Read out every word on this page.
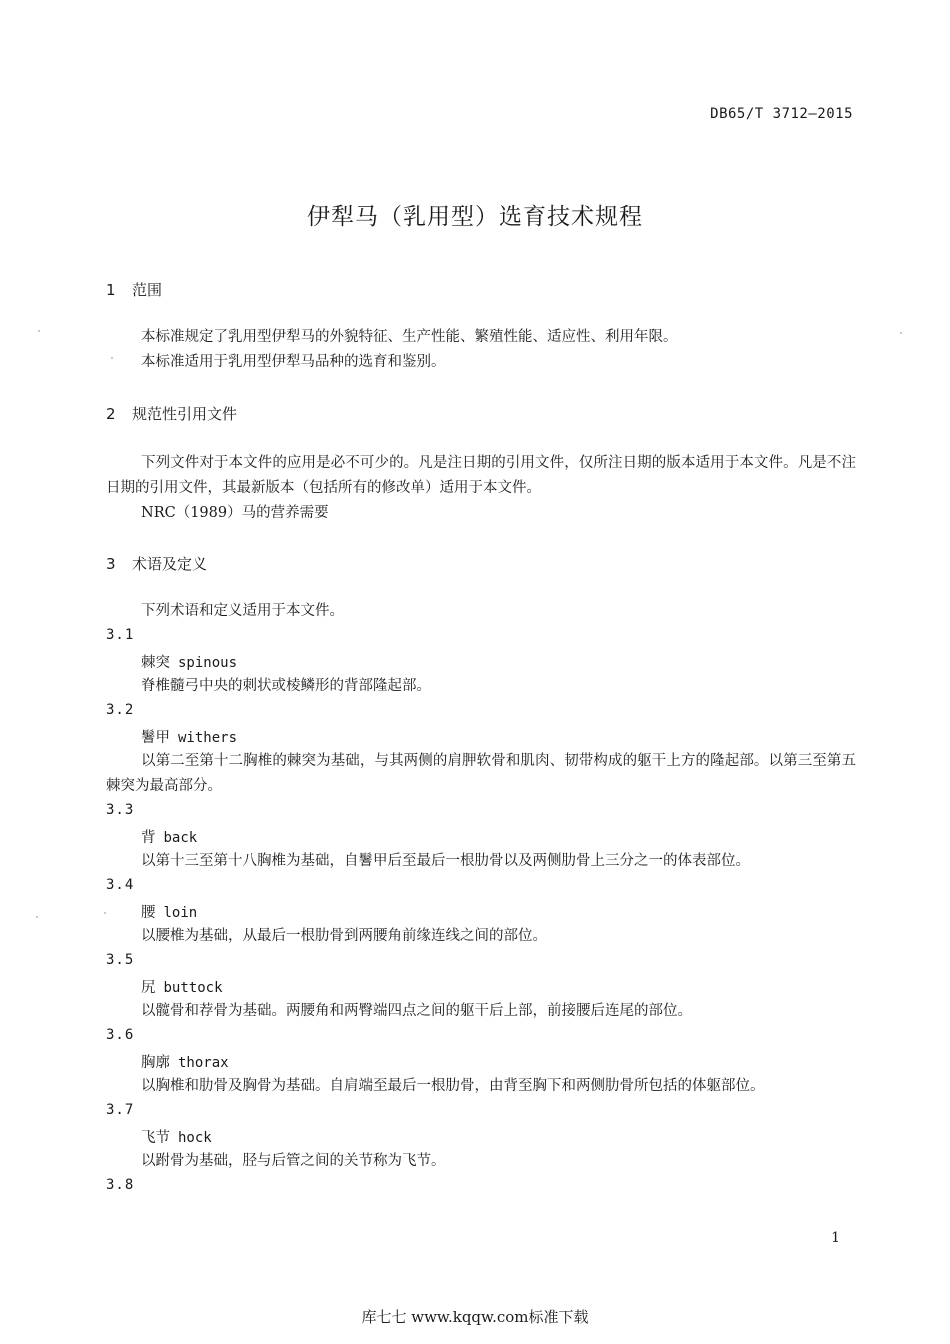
DB65/T 3712—2015
伊犁马（乳用型）选育技术规程
1 范围
本标准规定了乳用型伊犁马的外貌特征、生产性能、繁殖性能、适应性、利用年限。
本标准适用于乳用型伊犁马品种的选育和鉴别。
2 规范性引用文件
下列文件对于本文件的应用是必不可少的。凡是注日期的引用文件，仅所注日期的版本适用于本文件。凡是不注日期的引用文件，其最新版本（包括所有的修改单）适用于本文件。
NRC（1989）马的营养需要
3 术语及定义
下列术语和定义适用于本文件。
3.1
棘突 spinous
脊椎髓弓中央的刺状或棱鳞形的背部隆起部。
3.2
鬐甲 withers
以第二至第十二胸椎的棘突为基础，与其两侧的肩胛软骨和肌肉、韧带构成的躯干上方的隆起部。以第三至第五棘突为最高部分。
3.3
背 back
以第十三至第十八胸椎为基础，自鬐甲后至最后一根肋骨以及两侧肋骨上三分之一的体表部位。
3.4
腰 loin
以腰椎为基础，从最后一根肋骨到两腰角前缘连线之间的部位。
3.5
尻 buttock
以髋骨和荐骨为基础。两腰角和两臀端四点之间的躯干后上部，前接腰后连尾的部位。
3.6
胸廓 thorax
以胸椎和肋骨及胸骨为基础。自肩端至最后一根肋骨，由背至胸下和两侧肋骨所包括的体躯部位。
3.7
飞节 hock
以跗骨为基础，胫与后管之间的关节称为飞节。
3.8
1
库七七 www.kqqw.com标准下载
